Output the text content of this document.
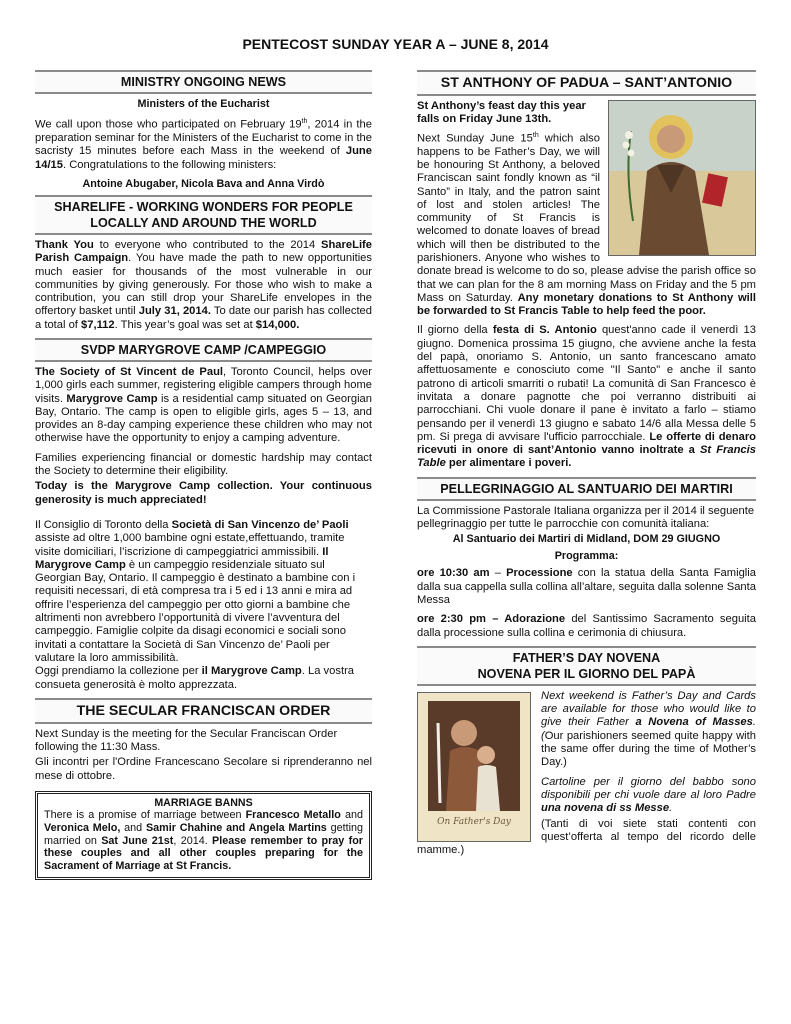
PENTECOST SUNDAY YEAR A – JUNE 8, 2014
MINISTRY ONGOING NEWS
Ministers of the Eucharist

We call upon those who participated on February 19th, 2014 in the preparation seminar for the Ministers of the Eucharist to come in the sacristy 15 minutes before each Mass in the weekend of June 14/15. Congratulations to the following ministers:

Antoine Abugaber, Nicola Bava and Anna Virdò
SHARELIFE - WORKING WONDERS FOR PEOPLE LOCALLY AND AROUND THE WORLD

Thank You to everyone who contributed to the 2014 ShareLife Parish Campaign. You have made the path to new opportunities much easier for thousands of the most vulnerable in our communities by giving generously. For those who wish to make a contribution, you can still drop your ShareLife envelopes in the offertory basket until July 31, 2014. To date our parish has collected a total of $7,112. This year’s goal was set at $14,000.

SVDP MARYGROVE CAMP /CAMPEGGIO

The Society of St Vincent de Paul, Toronto Council, helps over 1,000 girls each summer, registering eligible campers through home visits. Marygrove Camp is a residential camp situated on Georgian Bay, Ontario. The camp is open to eligible girls, ages 5 – 13, and provides an 8-day camping experience these children who may not otherwise have the opportunity to enjoy a camping adventure.

Families experiencing financial or domestic hardship may contact the Society to determine their eligibility.

Today is the Marygrove Camp collection. Your continuous generosity is much appreciated!

Il Consiglio di Toronto della Società di San Vincenzo de’ Paoli assiste ad oltre 1,000 bambine ogni estate,effettuando, tramite visite domiciliari, l’iscrizione di campeggiatrici ammissibili. Il Marygrove Camp è un campeggio residenziale situato sul Georgian Bay, Ontario. Il campeggio è destinato a bambine con i requisiti necessari, di età compresa tra i 5 ed i 13 anni e mira ad offrire l’esperienza del campeggio per otto giorni a bambine che altrimenti non avrebbero l’opportunità di vivere l’avventura del campeggio. Famiglie colpite da disagi economici e sociali sono invitati a contattare la Società di San Vincenzo de’ Paoli per valutare la loro ammissibilità.
Oggi prendiamo la collezione per il Marygrove Camp. La vostra consueta generosità è molto apprezzata.

THE SECULAR FRANCISCAN ORDER

Next Sunday is the meeting for the Secular Franciscan Order following the 11:30 Mass.

Gli incontri per l'Ordine Francescano Secolare si riprenderanno nel mese di ottobre.

MARRIAGE BANNS

There is a promise of marriage between Francesco Metallo and Veronica Melo, and Samir Chahine and Angela Martins getting married on Sat June 21st, 2014. Please remember to pray for these couples and all other couples preparing for the Sacrament of Marriage at St Francis.

ST ANTHONY OF PADUA – SANT’ANTONIO

St Anthony’s feast day this year falls on Friday June 13th.

Next Sunday June 15th which also happens to be Father’s Day, we will be honouring St Anthony, a beloved Franciscan saint fondly known as “il Santo” in Italy, and the patron saint of lost and stolen articles! The community of St Francis is welcomed to donate loaves of bread which will then be distributed to the parishioners. Anyone who wishes to donate bread is welcome to do so, please advise the parish office so that we can plan for the 8 am morning Mass on Friday and the 5 pm Mass on Saturday. Any monetary donations to St Anthony will be forwarded to St Francis Table to help feed the poor.

Il giorno della festa di S. Antonio quest'anno cade il venerdì 13 giugno. Domenica prossima 15 giugno, che avviene anche la festa del papà, onoriamo S. Antonio, un santo francescano amato affettuosamente e conosciuto come "Il Santo" e anche il santo patrono di articoli smarriti o rubati! La comunità di San Francesco è invitata a donare pagnotte che poi verranno distribuiti ai parrocchiani. Chi vuole donare il pane è invitato a farlo – stiamo pensando per il venerdì 13 giugno e sabato 14/6 alla Messa delle 5 pm. Si prega di avvisare l'ufficio parrocchiale. Le offerte di denaro ricevuti in onore di sant’Antonio vanno inoltrate a St Francis Table per alimentare i poveri.

PELLEGRINAGGIO AL SANTUARIO DEI MARTIRI

La Commissione Pastorale Italiana organizza per il 2014 il seguente pellegrinaggio per tutte le parrocchie con comunità italiana:

Al Santuario dei Martiri di Midland, DOM 29 GIUGNO
Programma:

ore 10:30 am – Processione con la statua della Santa Famiglia dalla sua cappella sulla collina all’altare, seguita dalla solenne Santa Messa

ore 2:30 pm – Adorazione del Santissimo Sacramento seguita dalla processione sulla collina e cerimonia di chiusura.

FATHER’S DAY NOVENA
NOVENA PER IL GIORNO DEL PAPÀ
On Father's Day

Next weekend is Father’s Day and Cards are available for those who would like to give their Father a Novena of Masses. (Our parishioners seemed quite happy with the same offer during the time of Mother’s Day.)

Cartoline per il giorno del babbo sono disponibili per chi vuole dare al loro Padre una novena di ss Messe.

(Tanti di voi siete stati contenti con quest’offerta al tempo del ricordo delle mamme.)
